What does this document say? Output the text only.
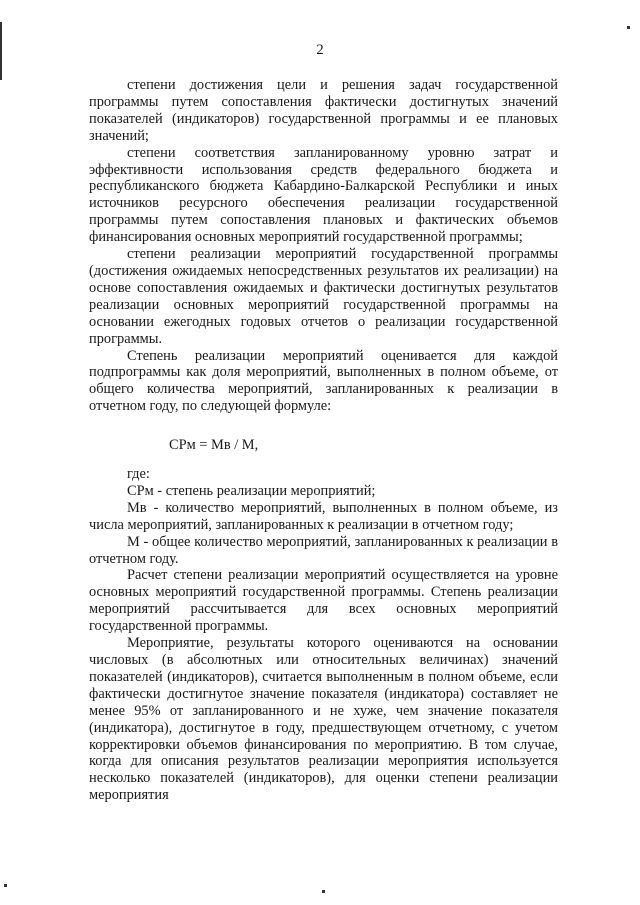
2

степени достижения цели и решения задач государственной программы путем сопоставления фактически достигнутых значений показателей (индикаторов) государственной программы и ее плановых значений;

степени соответствия запланированному уровню затрат и эффективности использования средств федерального бюджета и республиканского бюджета Кабардино-Балкарской Республики и иных источников ресурсного обеспечения реализации государственной программы путем сопоставления плановых и фактических объемов финансирования основных мероприятий государственной программы;

степени реализации мероприятий государственной программы (достижения ожидаемых непосредственных результатов их реализации) на основе сопоставления ожидаемых и фактически достигнутых результатов реализации основных мероприятий государственной программы на основании ежегодных годовых отчетов о реализации государственной программы.

Степень реализации мероприятий оценивается для каждой подпрограммы как доля мероприятий, выполненных в полном объеме, от общего количества мероприятий, запланированных к реализации в отчетном году, по следующей формуле:

СРм = Мв / М,

где:

СРм - степень реализации мероприятий;

Мв - количество мероприятий, выполненных в полном объеме, из числа мероприятий, запланированных к реализации в отчетном году;

М - общее количество мероприятий, запланированных к реализации в отчетном году.

Расчет степени реализации мероприятий осуществляется на уровне основных мероприятий государственной программы. Степень реализации мероприятий рассчитывается для всех основных мероприятий государственной программы.

Мероприятие, результаты которого оцениваются на основании числовых (в абсолютных или относительных величинах) значений показателей (индикаторов), считается выполненным в полном объеме, если фактически достигнутое значение показателя (индикатора) составляет не менее 95% от запланированного и не хуже, чем значение показателя (индикатора), достигнутое в году, предшествующем отчетному, с учетом корректировки объемов финансирования по мероприятию. В том случае, когда для описания результатов реализации мероприятия используется несколько показателей (индикаторов), для оценки степени реализации мероприятия
